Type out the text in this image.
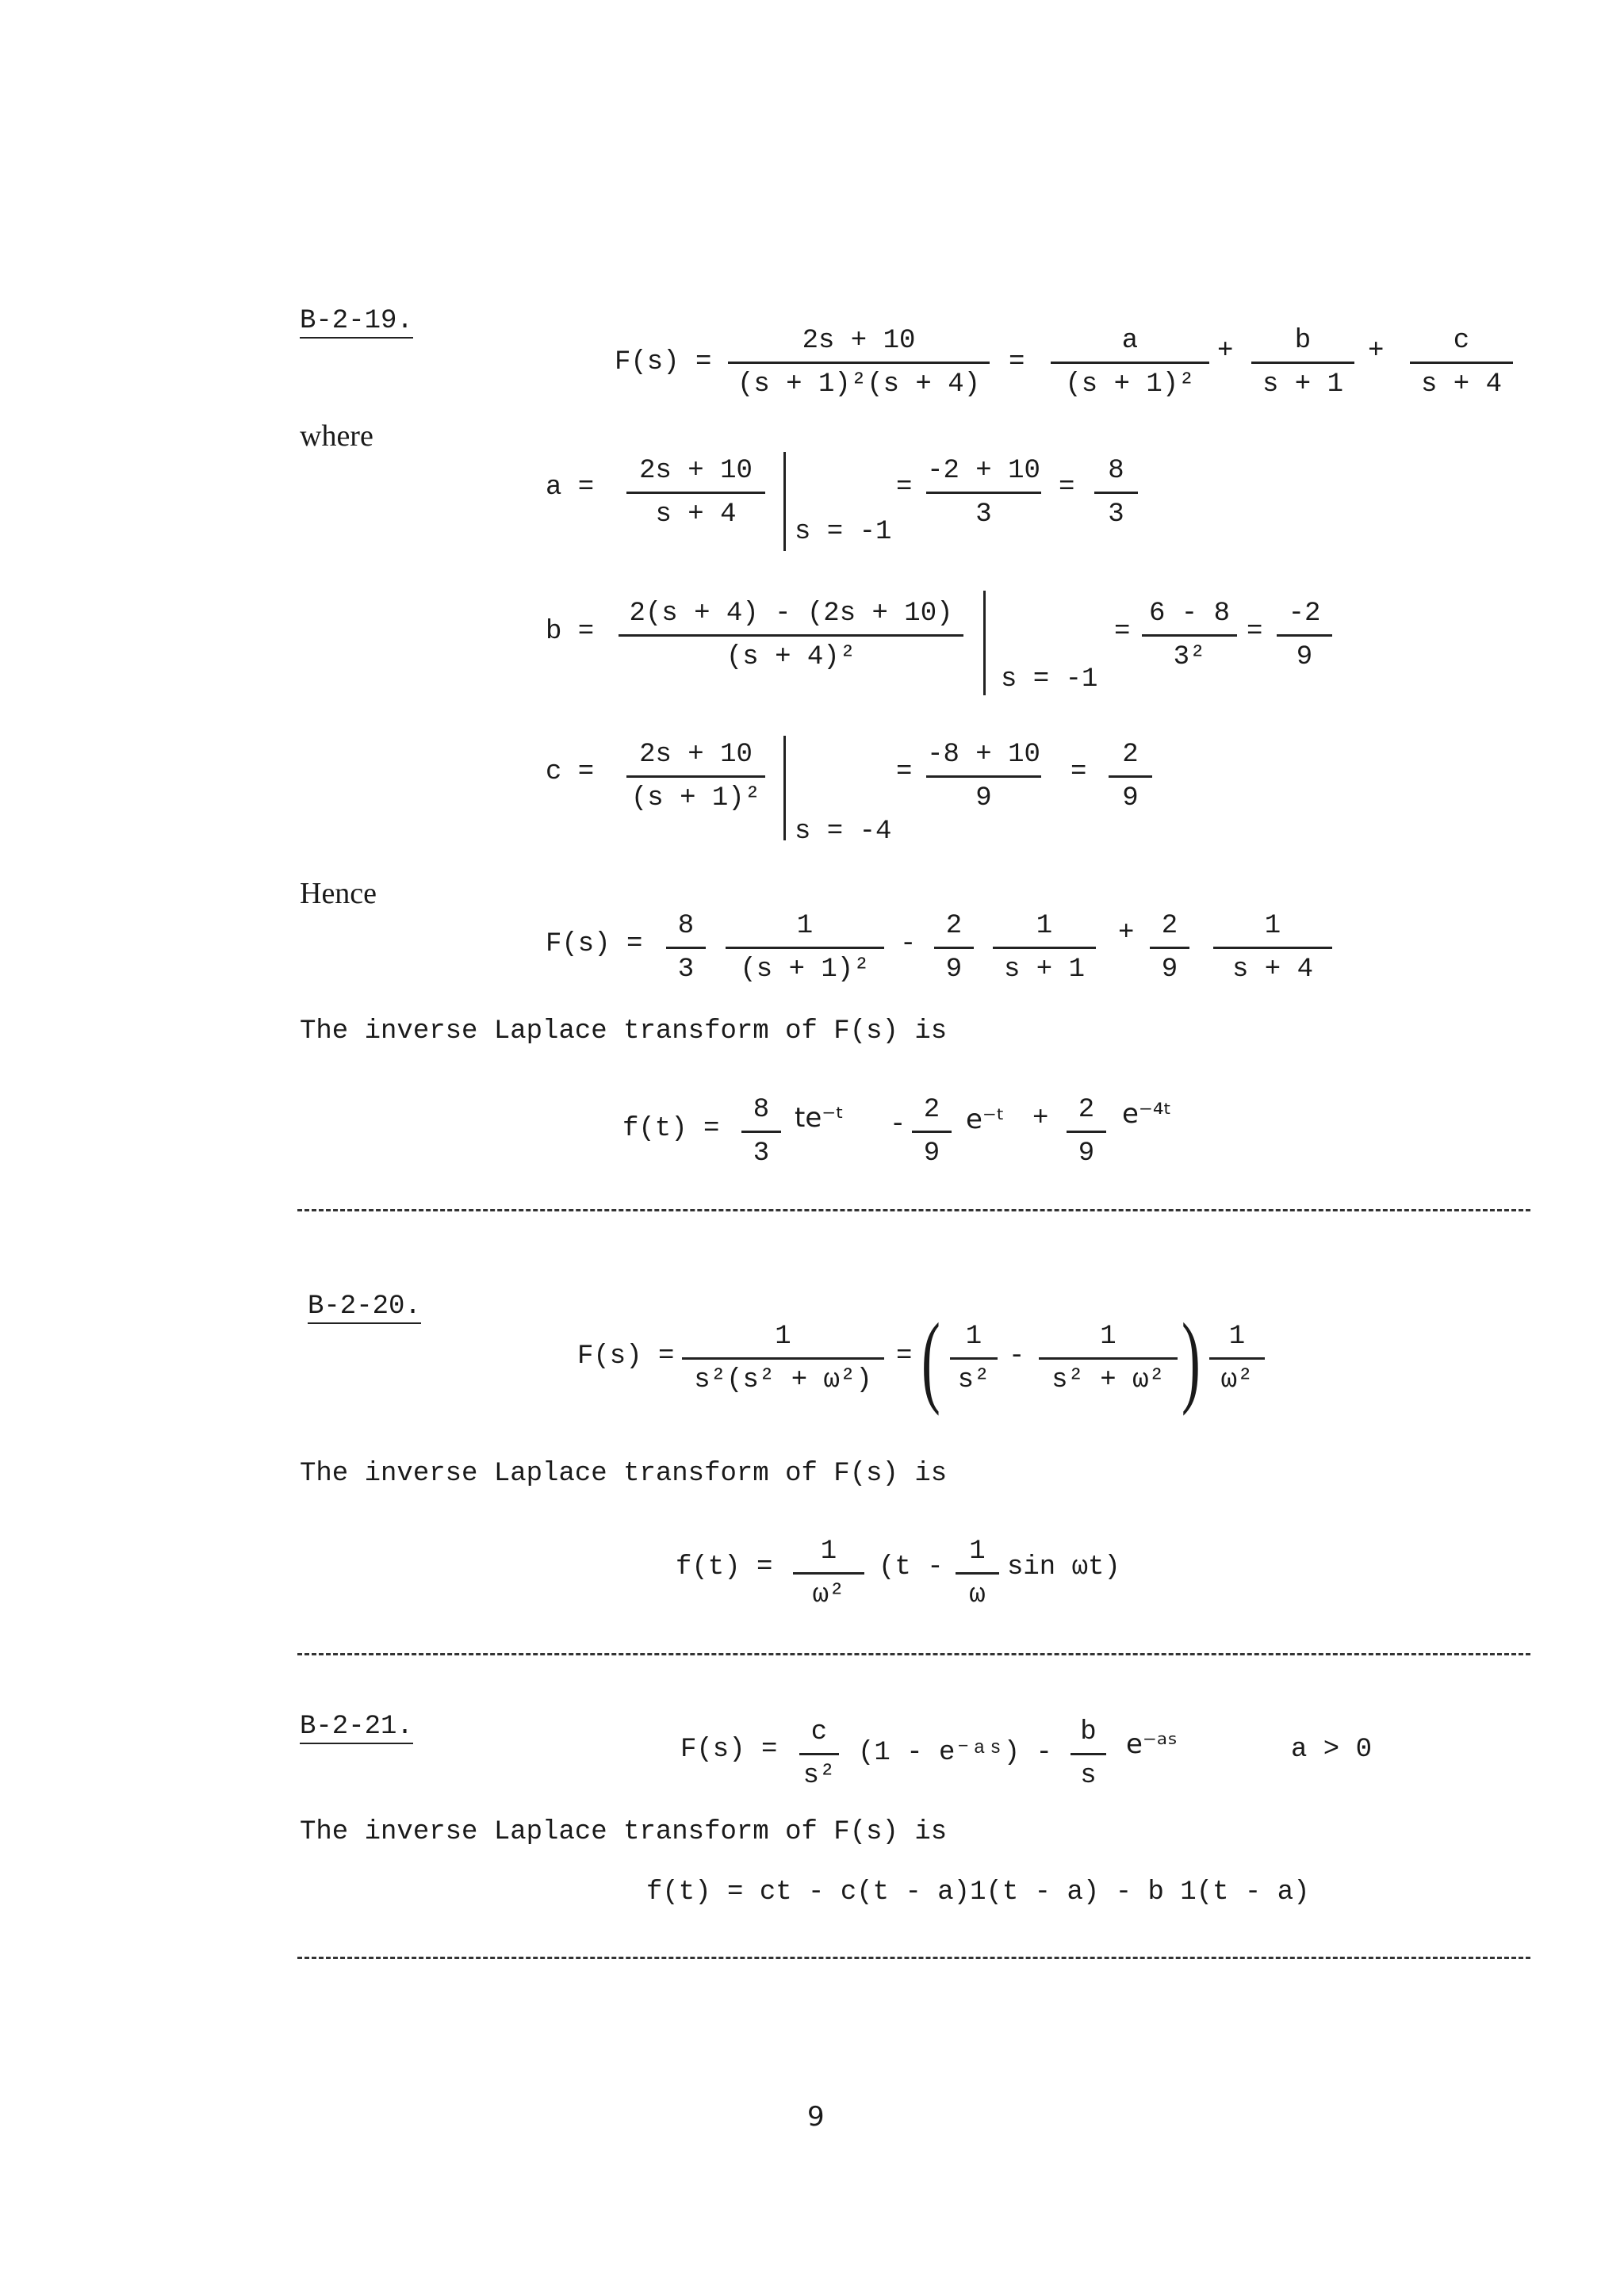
B-2-19.
F(s) =
2s + 10
(s + 1)²(s + 4)
=
a
(s + 1)²
+	b
s + 1
+	c
s + 4
where
a =
2s + 10
s + 4
s = -1
=
-2 + 10
3
=
8
3
b =
2(s + 4) - (2s + 10)
(s + 4)²
s = -1
=
6 - 8
3²
=
-2
9
c =
2s + 10
(s + 1)²
s = -4
=
-8 + 10
9
=
2
9
Hence
F(s) =
8
3
1
(s + 1)²
-
2
9
1
s + 1
+	2
9
1
s + 4
The inverse Laplace transform of F(s) is
f(t) =
8
3
te⁻ᵗ - 2
9
e⁻ᵗ +	2
9
e⁻⁴ᵗ
B-2-20.
F(s) =
1
s²(s² + ω²)
= ( 1
s²
-
1
s² + ω² )	1
ω²
The inverse Laplace transform of F(s) is
f(t) =
1
ω²
(t -
1
ω
sin ωt)
B-2-21.
F(s) =
c
s²
(1 - e⁻ᵃˢ) -
b
s
e⁻ᵃˢ	a > 0
The inverse Laplace transform of F(s) is
f(t) = ct - c(t - a)1(t - a) - b 1(t - a)
9
